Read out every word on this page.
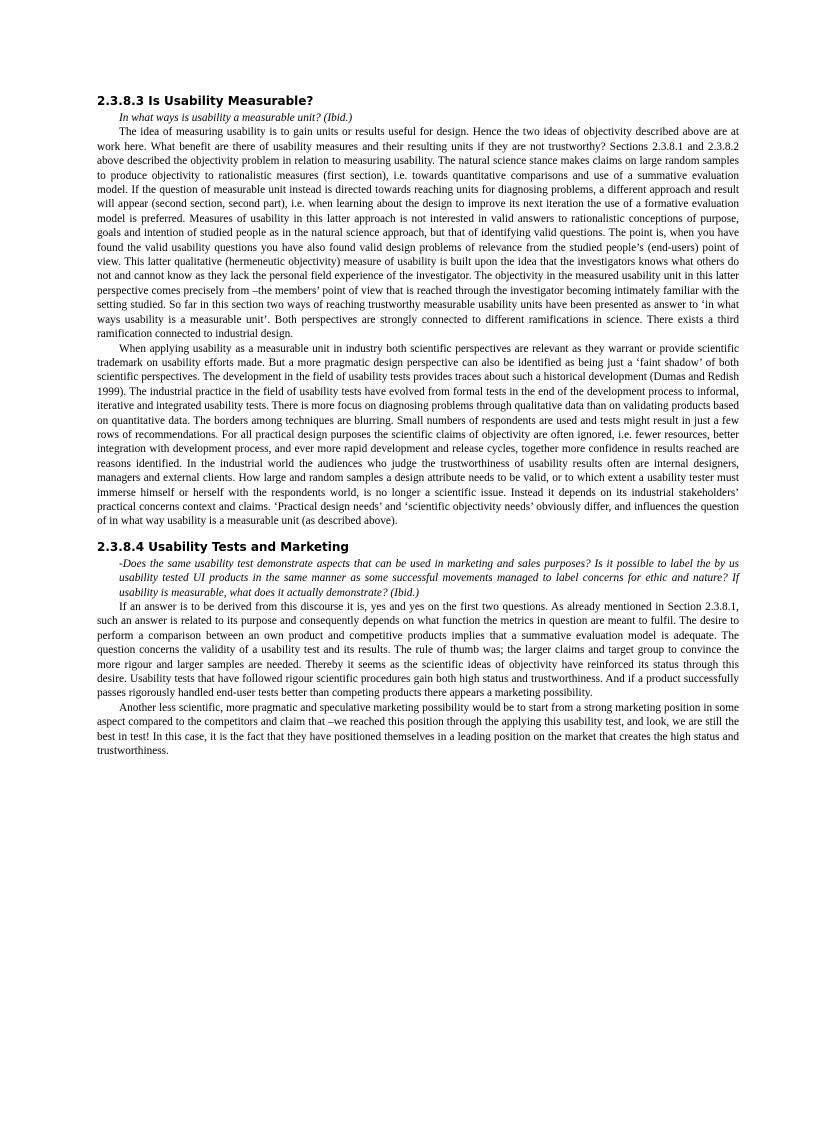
2.3.8.3 Is Usability Measurable?

In what ways is usability a measurable unit? (Ibid.)

The idea of measuring usability is to gain units or results useful for design. Hence the two ideas of objectivity described above are at work here. What benefit are there of usability measures and their resulting units if they are not trustworthy? Sections 2.3.8.1 and 2.3.8.2 above described the objectivity problem in relation to measuring usability. The natural science stance makes claims on large random samples to produce objectivity to rationalistic measures (first section), i.e. towards quantitative comparisons and use of a summative evaluation model. If the question of measurable unit instead is directed towards reaching units for diagnosing problems, a different approach and result will appear (second section, second part), i.e. when learning about the design to improve its next iteration the use of a formative evaluation model is preferred. Measures of usability in this latter approach is not interested in valid answers to rationalistic conceptions of purpose, goals and intention of studied people as in the natural science approach, but that of identifying valid questions. The point is, when you have found the valid usability questions you have also found valid design problems of relevance from the studied people’s (end-users) point of view. This latter qualitative (hermeneutic objectivity) measure of usability is built upon the idea that the investigators knows what others do not and cannot know as they lack the personal field experience of the investigator. The objectivity in the measured usability unit in this latter perspective comes precisely from –the members’ point of view that is reached through the investigator becoming intimately familiar with the setting studied. So far in this section two ways of reaching trustworthy measurable usability units have been presented as answer to ‘in what ways usability is a measurable unit’. Both perspectives are strongly connected to different ramifications in science. There exists a third ramification connected to industrial design.

When applying usability as a measurable unit in industry both scientific perspectives are relevant as they warrant or provide scientific trademark on usability efforts made. But a more pragmatic design perspective can also be identified as being just a ‘faint shadow’ of both scientific perspectives. The development in the field of usability tests provides traces about such a historical development (Dumas and Redish 1999). The industrial practice in the field of usability tests have evolved from formal tests in the end of the development process to informal, iterative and integrated usability tests. There is more focus on diagnosing problems through qualitative data than on validating products based on quantitative data. The borders among techniques are blurring. Small numbers of respondents are used and tests might result in just a few rows of recommendations. For all practical design purposes the scientific claims of objectivity are often ignored, i.e. fewer resources, better integration with development process, and ever more rapid development and release cycles, together more confidence in results reached are reasons identified. In the industrial world the audiences who judge the trustworthiness of usability results often are internal designers, managers and external clients. How large and random samples a design attribute needs to be valid, or to which extent a usability tester must immerse himself or herself with the respondents world, is no longer a scientific issue. Instead it depends on its industrial stakeholders’ practical concerns context and claims. ‘Practical design needs’ and ‘scientific objectivity needs’ obviously differ, and influences the question of in what way usability is a measurable unit (as described above).

2.3.8.4 Usability Tests and Marketing

-Does the same usability test demonstrate aspects that can be used in marketing and sales purposes? Is it possible to label the by us usability tested UI products in the same manner as some successful movements managed to label concerns for ethic and nature? If usability is measurable, what does it actually demonstrate? (Ibid.)

If an answer is to be derived from this discourse it is, yes and yes on the first two questions. As already mentioned in Section 2.3.8.1, such an answer is related to its purpose and consequently depends on what function the metrics in question are meant to fulfil. The desire to perform a comparison between an own product and competitive products implies that a summative evaluation model is adequate. The question concerns the validity of a usability test and its results. The rule of thumb was; the larger claims and target group to convince the more rigour and larger samples are needed. Thereby it seems as the scientific ideas of objectivity have reinforced its status through this desire. Usability tests that have followed rigour scientific procedures gain both high status and trustworthiness. And if a product successfully passes rigorously handled end-user tests better than competing products there appears a marketing possibility.

Another less scientific, more pragmatic and speculative marketing possibility would be to start from a strong marketing position in some aspect compared to the competitors and claim that –we reached this position through the applying this usability test, and look, we are still the best in test! In this case, it is the fact that they have positioned themselves in a leading position on the market that creates the high status and trustworthiness.
